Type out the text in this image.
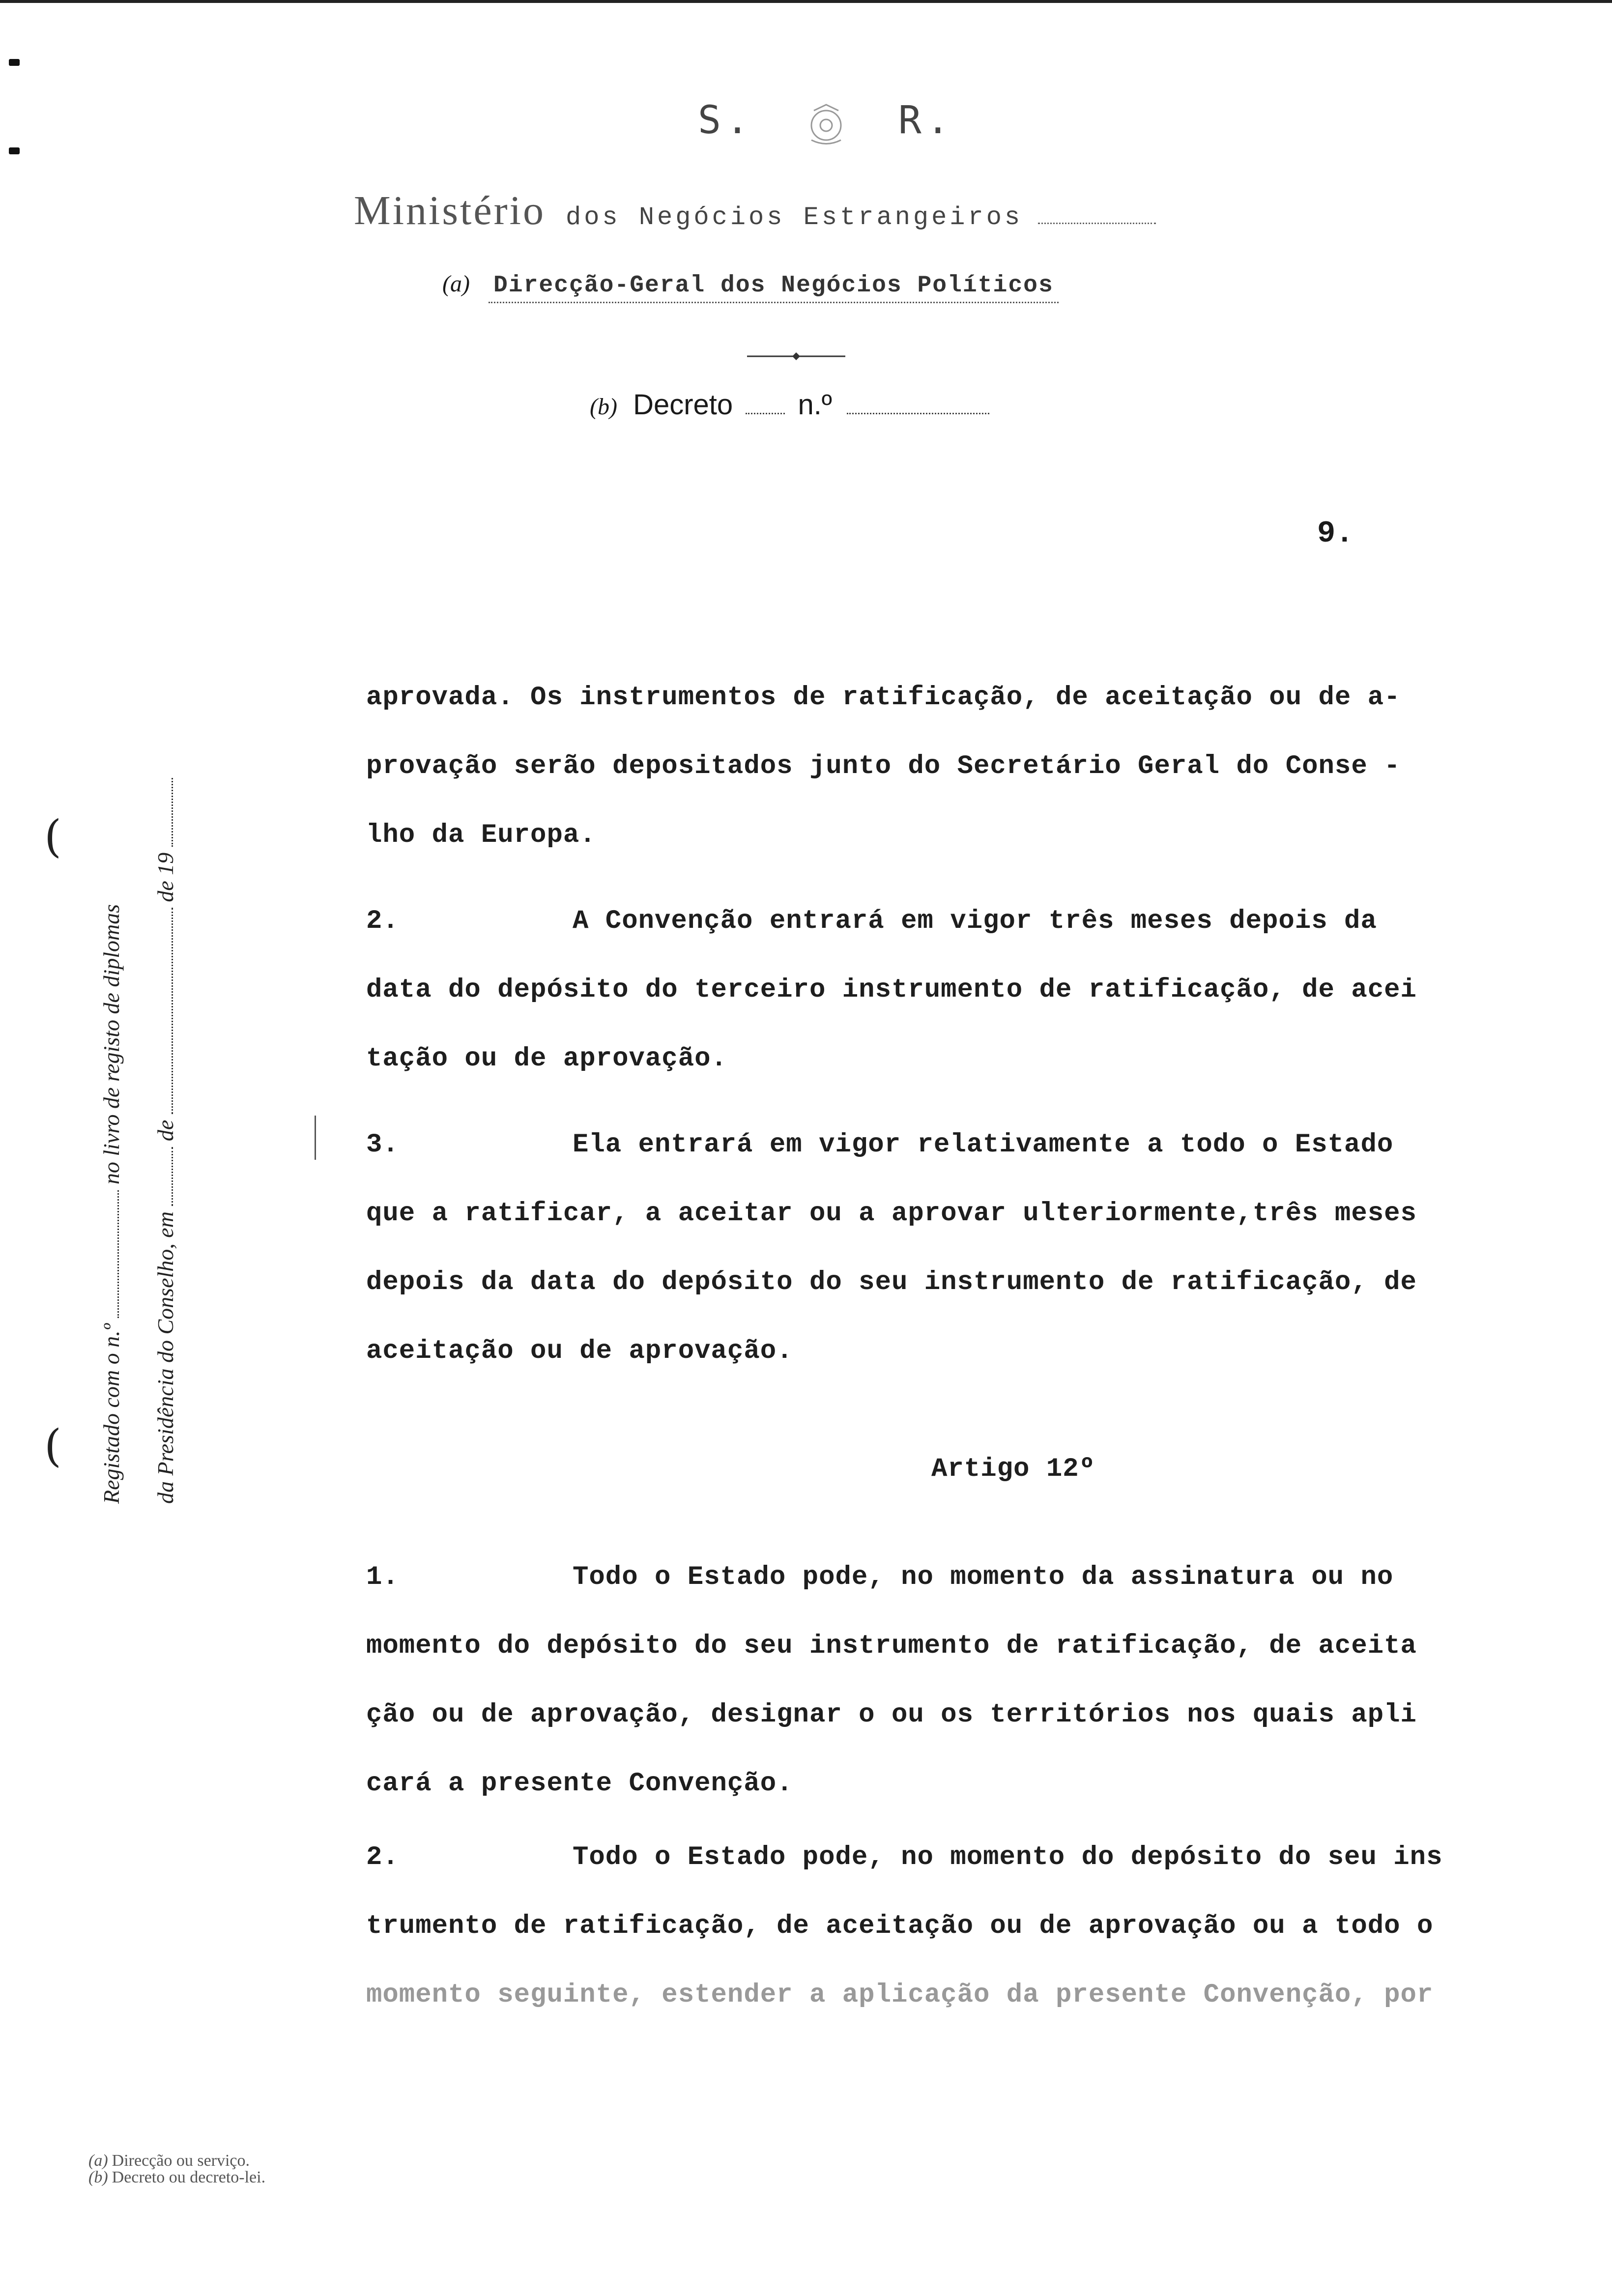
S.	R.
Ministério dos Negócios Estrangeiros
(a) Direcção-Geral dos Negócios Políticos
(b) Decreto n.º
9.
Registado com o n.º  no livro de registo de diplomas
da Presidência do Conselho, em  de  de 19
(
(
aprovada. Os instrumentos de ratificação, de aceitação ou de a-
provação serão depositados junto do Secretário Geral do Conse -
lho da Europa.
2.	A Convenção entrará em vigor três meses depois da
data do depósito do terceiro instrumento de ratificação, de acei
tação ou de aprovação.
3.	Ela entrará em vigor relativamente a todo o Estado
que a ratificar, a aceitar ou a aprovar ulteriormente,três meses
depois da data do depósito do seu instrumento de ratificação, de
aceitação ou de aprovação.
Artigo 12º
1.	Todo o Estado pode, no momento da assinatura ou no
momento do depósito do seu instrumento de ratificação, de aceita
ção ou de aprovação, designar o ou os territórios nos quais apli
cará a presente Convenção.
2.	Todo o Estado pode, no momento do depósito do seu ins
trumento de ratificação, de aceitação ou de aprovação ou a todo o
momento seguinte, estender a aplicação da presente Convenção, por
(a) Direcção ou serviço.
(b) Decreto ou decreto-lei.
